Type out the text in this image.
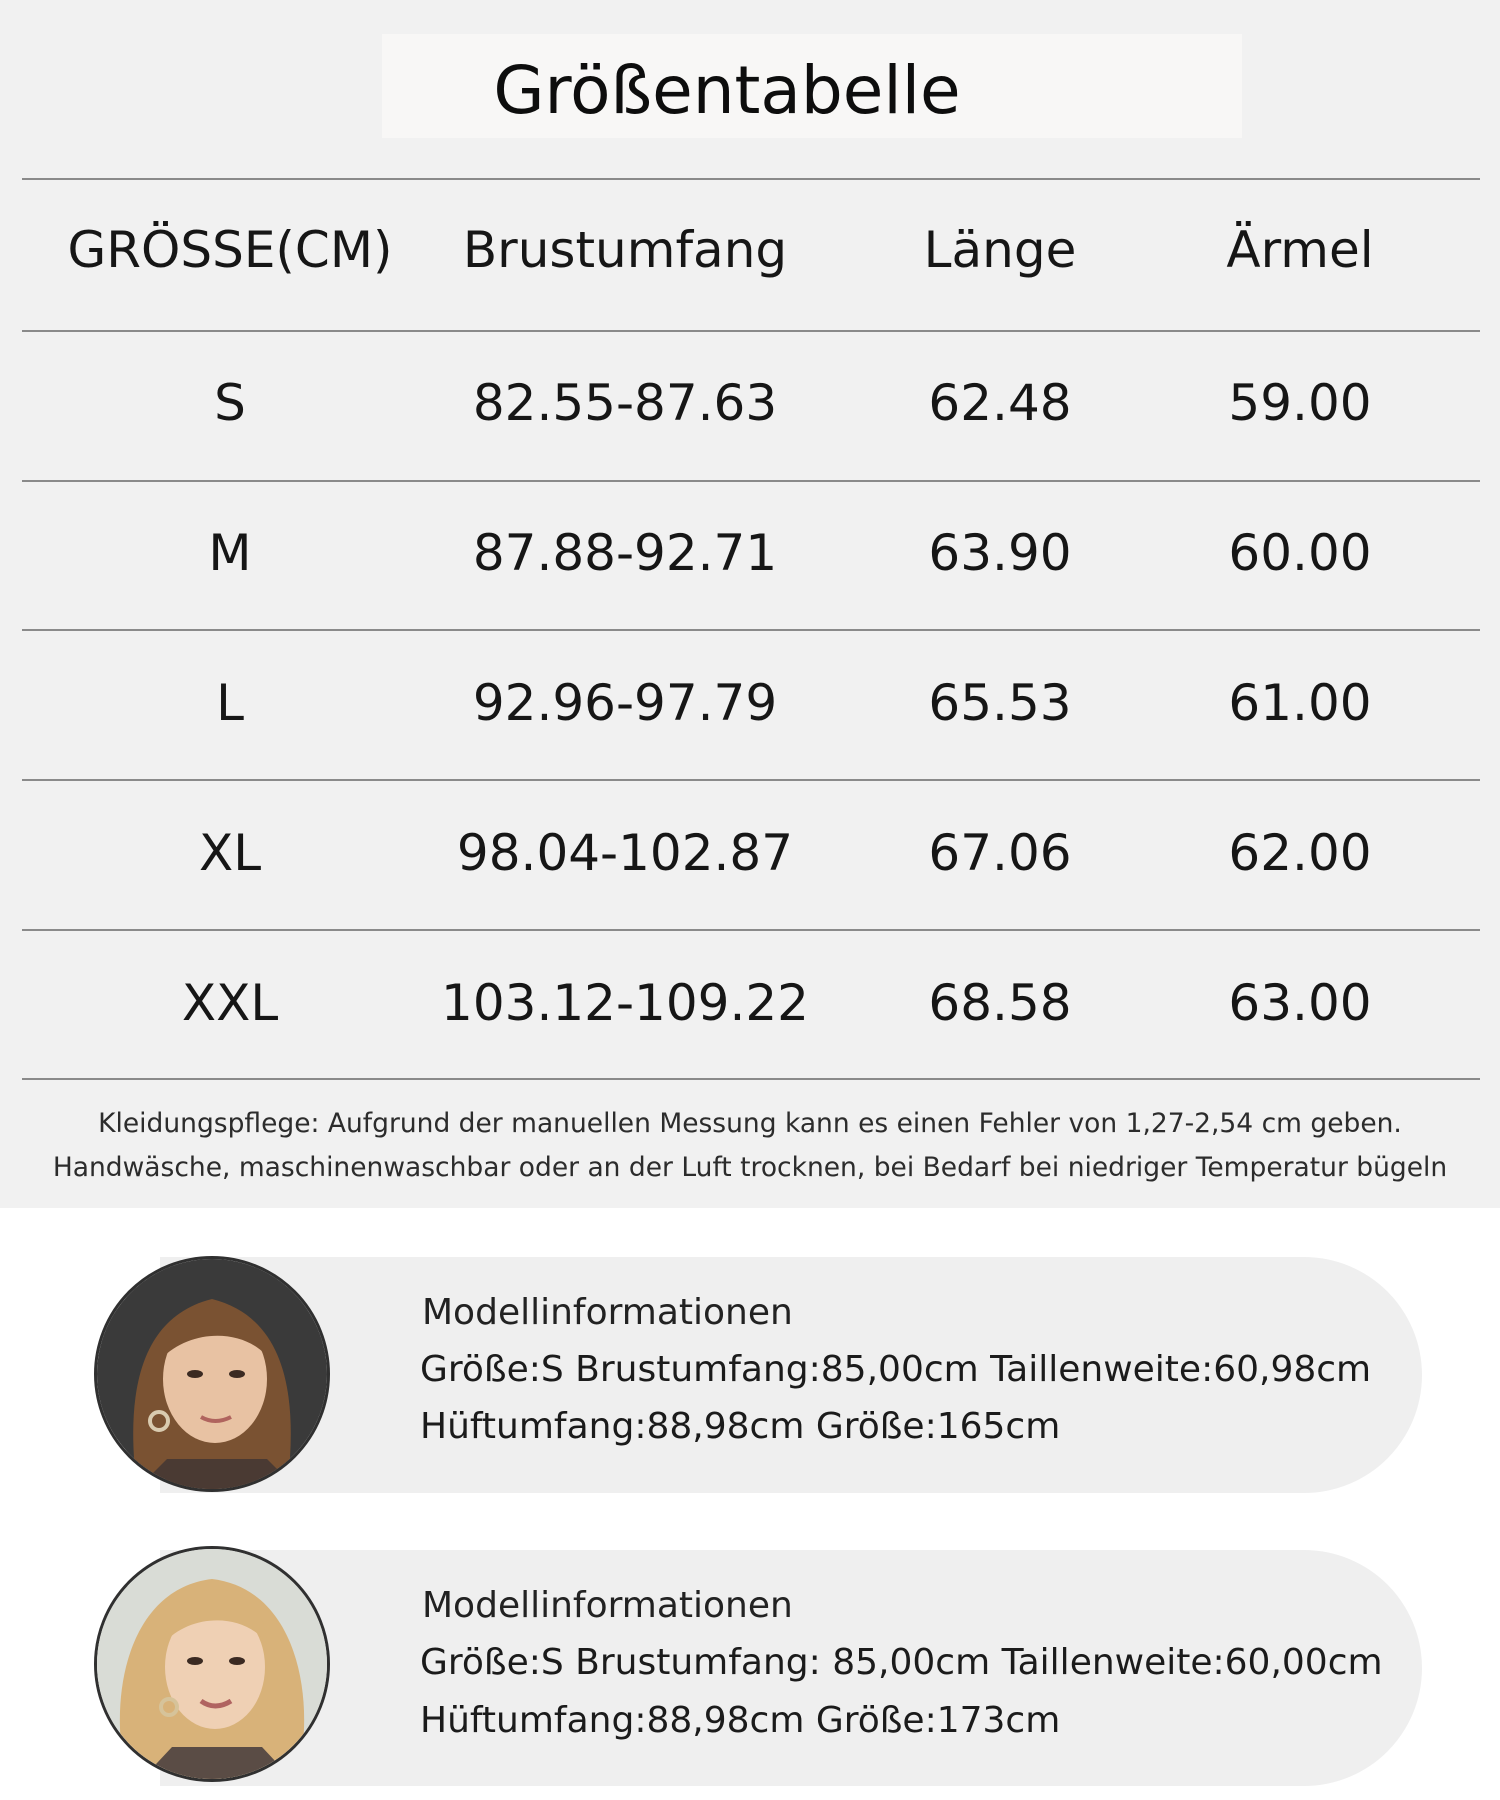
Größentabelle
GRÖSSE(CM)	Brustumfang	Länge	Ärmel
S	82.55-87.63	62.48	59.00
M	87.88-92.71	63.90	60.00
L	92.96-97.79	65.53	61.00
XL	98.04-102.87	67.06	62.00
XXL	103.12-109.22	68.58	63.00
Kleidungspflege: Aufgrund der manuellen Messung kann es einen Fehler von 1,27-2,54 cm geben.
Handwäsche, maschinenwaschbar oder an der Luft trocknen, bei Bedarf bei niedriger Temperatur bügeln
Modellinformationen
Größe:S Brustumfang:85,00cm Taillenweite:60,98cm
Hüftumfang:88,98cm Größe:165cm
Modellinformationen
Größe:S Brustumfang: 85,00cm Taillenweite:60,00cm
Hüftumfang:88,98cm Größe:173cm
